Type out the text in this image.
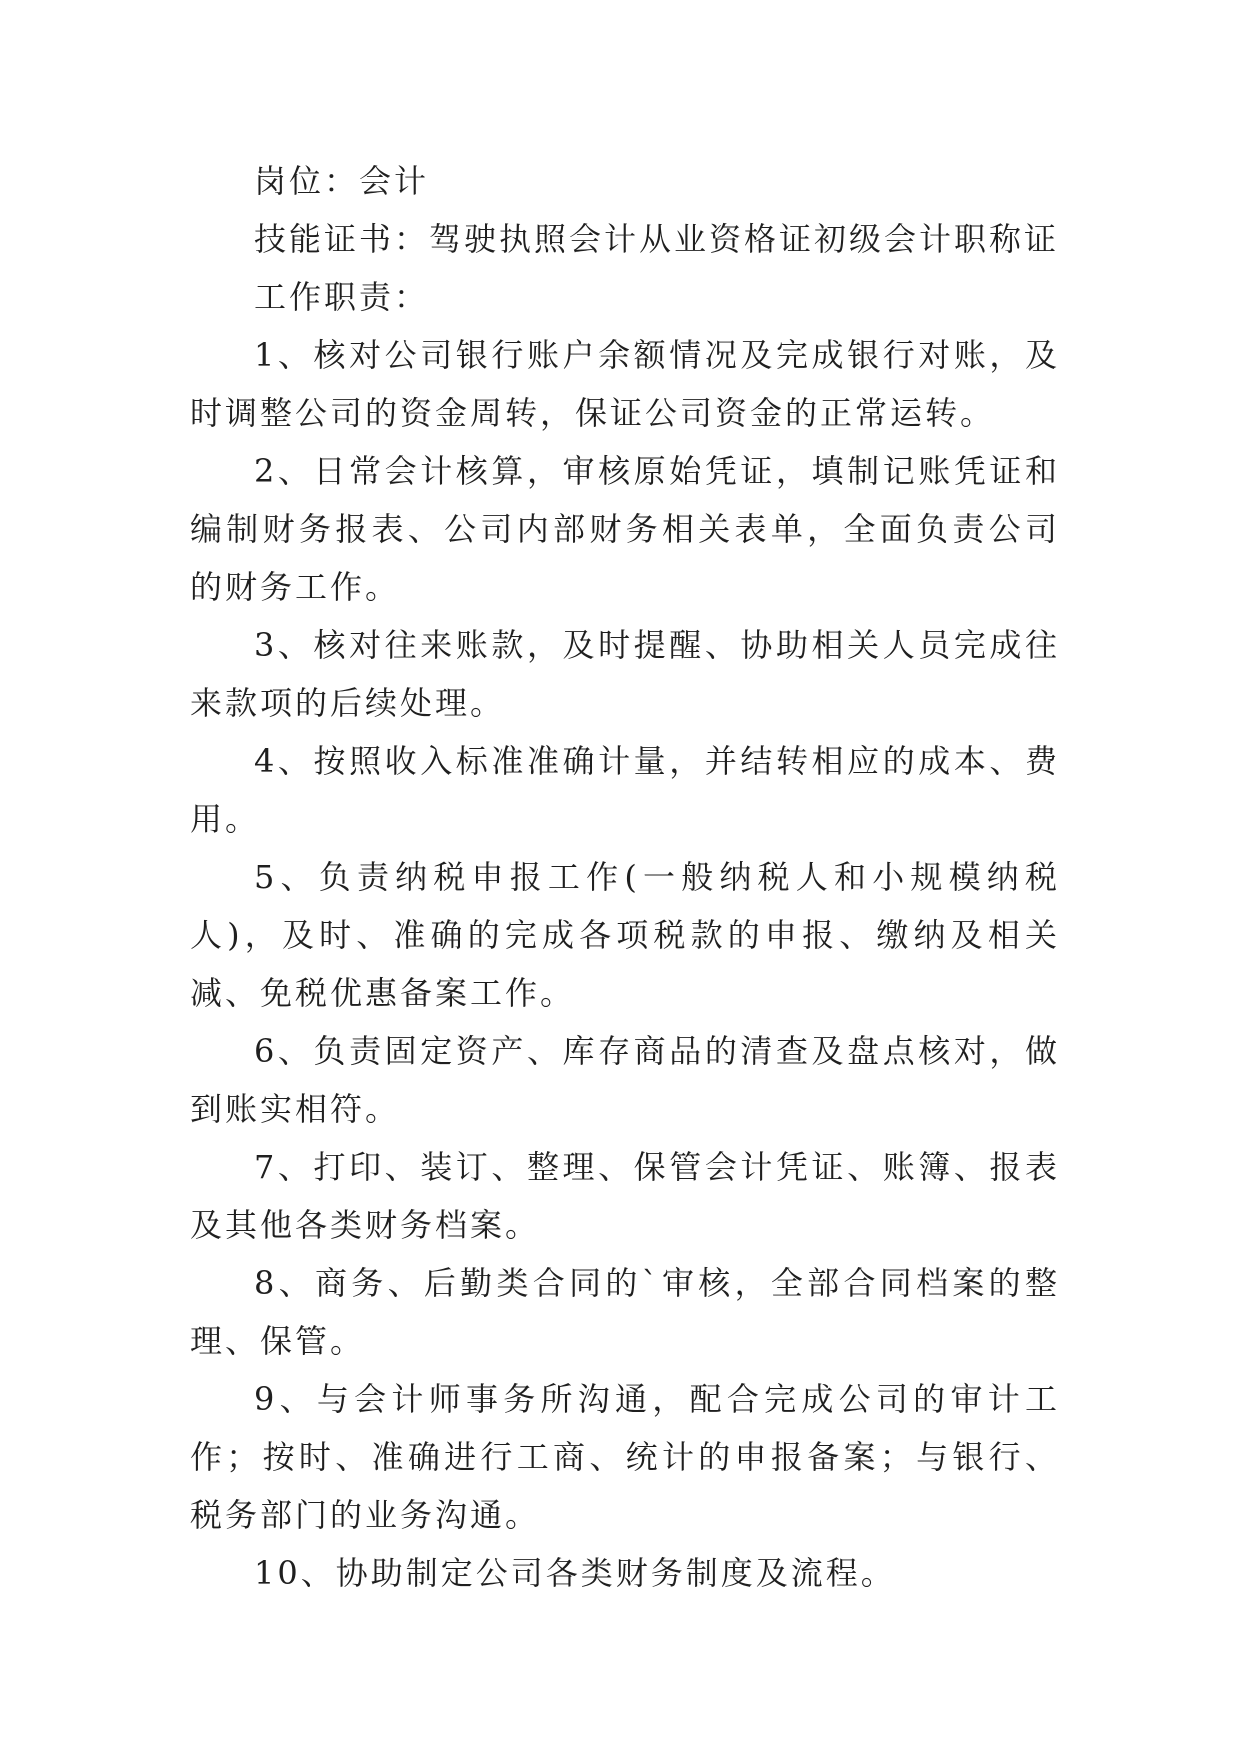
岗位：会计

技能证书：驾驶执照会计从业资格证初级会计职称证

工作职责：

1、核对公司银行账户余额情况及完成银行对账，及时调整公司的资金周转，保证公司资金的正常运转。

2、日常会计核算，审核原始凭证，填制记账凭证和编制财务报表、公司内部财务相关表单，全面负责公司的财务工作。

3、核对往来账款，及时提醒、协助相关人员完成往来款项的后续处理。

4、按照收入标准准确计量，并结转相应的成本、费用。

5、负责纳税申报工作(一般纳税人和小规模纳税人)，及时、准确的完成各项税款的申报、缴纳及相关减、免税优惠备案工作。

6、负责固定资产、库存商品的清查及盘点核对，做到账实相符。

7、打印、装订、整理、保管会计凭证、账簿、报表及其他各类财务档案。

8、商务、后勤类合同的`审核，全部合同档案的整理、保管。

9、与会计师事务所沟通，配合完成公司的审计工作；按时、准确进行工商、统计的申报备案；与银行、税务部门的业务沟通。

10、协助制定公司各类财务制度及流程。
